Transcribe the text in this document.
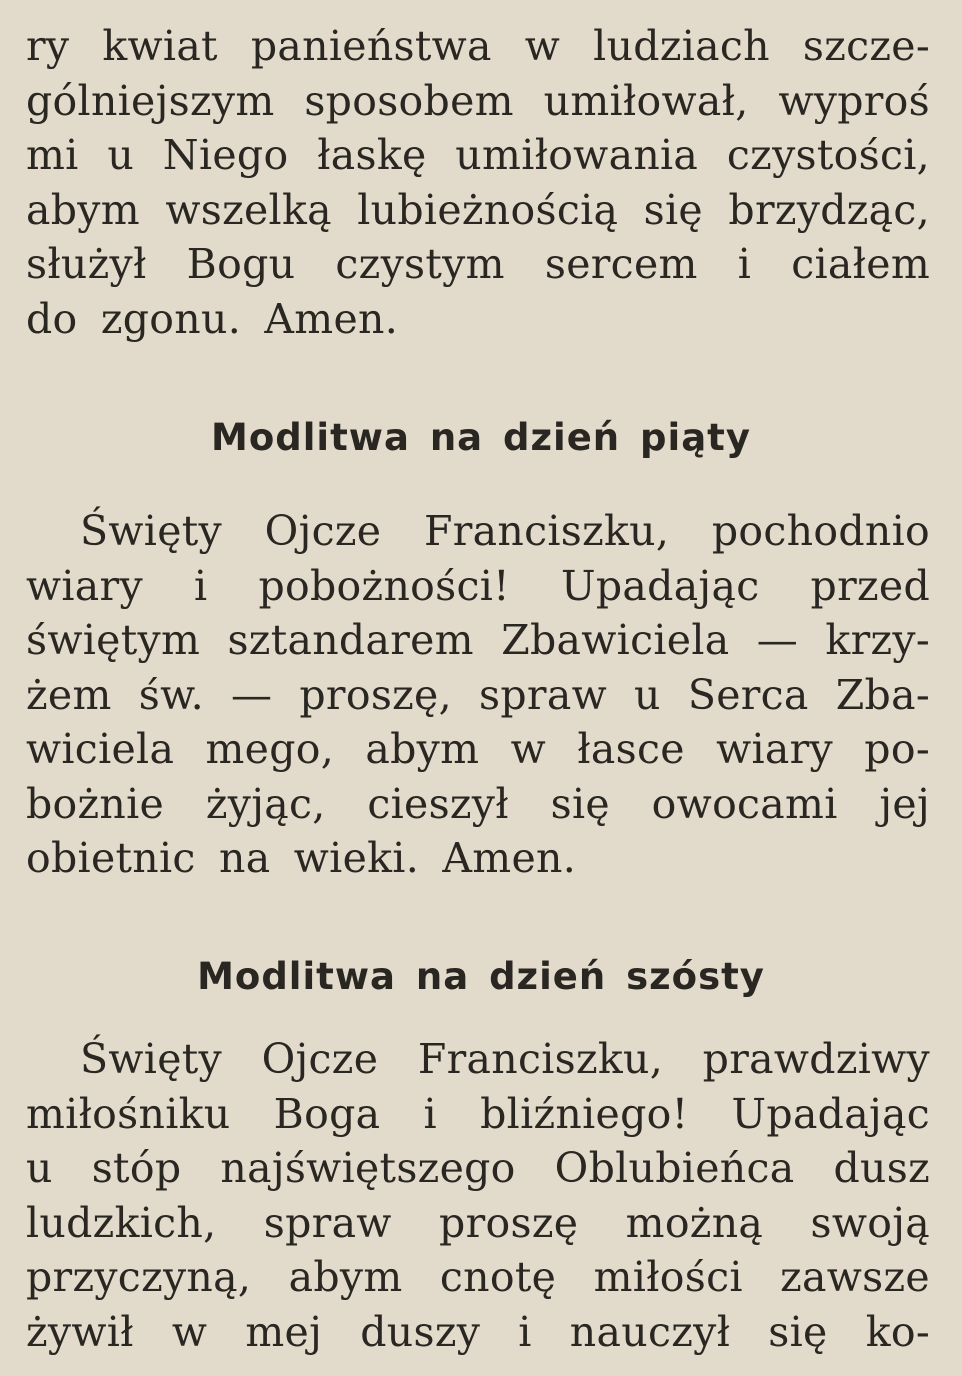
ry kwiat panieństwa w ludziach szcze-
gólniejszym sposobem umiłował, wyproś
mi u Niego łaskę umiłowania czystości,
abym wszelką lubieżnością się brzydząc,
służył Bogu czystym sercem i ciałem
do zgonu. Amen.
Modlitwa na dzień piąty
Święty Ojcze Franciszku, pochodnio
wiary i pobożności! Upadając przed
świętym sztandarem Zbawiciela — krzy-
żem św. — proszę, spraw u Serca Zba-
wiciela mego, abym w łasce wiary po-
bożnie żyjąc, cieszył się owocami jej
obietnic na wieki. Amen.
Modlitwa na dzień szósty
Święty Ojcze Franciszku, prawdziwy
miłośniku Boga i bliźniego! Upadając
u stóp najświętszego Oblubieńca dusz
ludzkich, spraw proszę możną swoją
przyczyną, abym cnotę miłości zawsze
żywił w mej duszy i nauczył się ko-
